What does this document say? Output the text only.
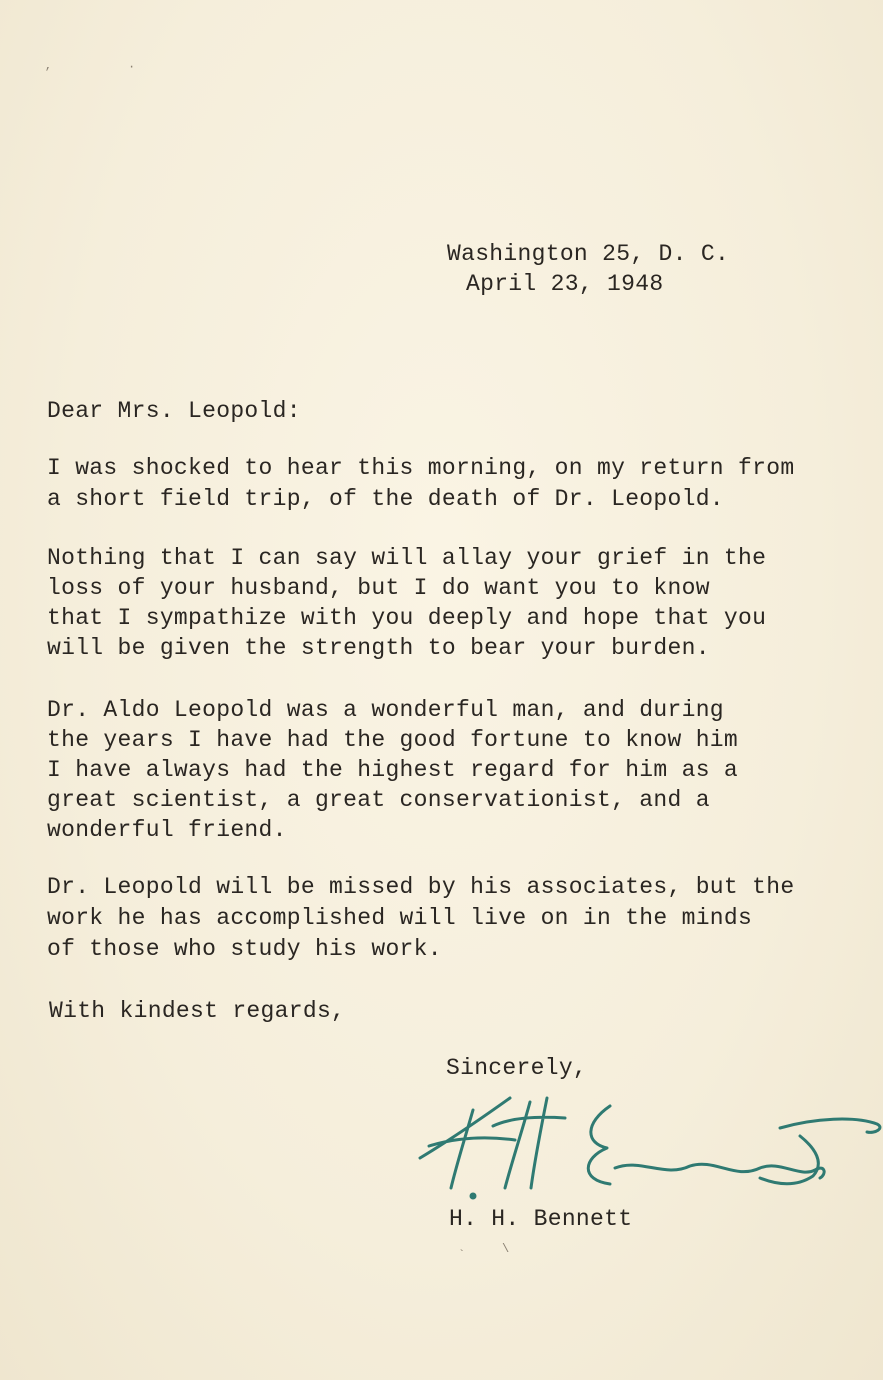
’	·
Washington 25, D. C.
April 23, 1948
Dear Mrs. Leopold:
I was shocked to hear this morning, on my return from
a short field trip, of the death of Dr. Leopold.
Nothing that I can say will allay your grief in the
loss of your husband, but I do want you to know
that I sympathize with you deeply and hope that you
will be given the strength to bear your burden.
Dr. Aldo Leopold was a wonderful man, and during
the years I have had the good fortune to know him
I have always had the highest regard for him as a
great scientist, a great conservationist, and a
wonderful friend.
Dr. Leopold will be missed by his associates, but the
work he has accomplished will live on in the minds
of those who study his work.
With kindest regards,
Sincerely,
H. H. Bennett
`	\
